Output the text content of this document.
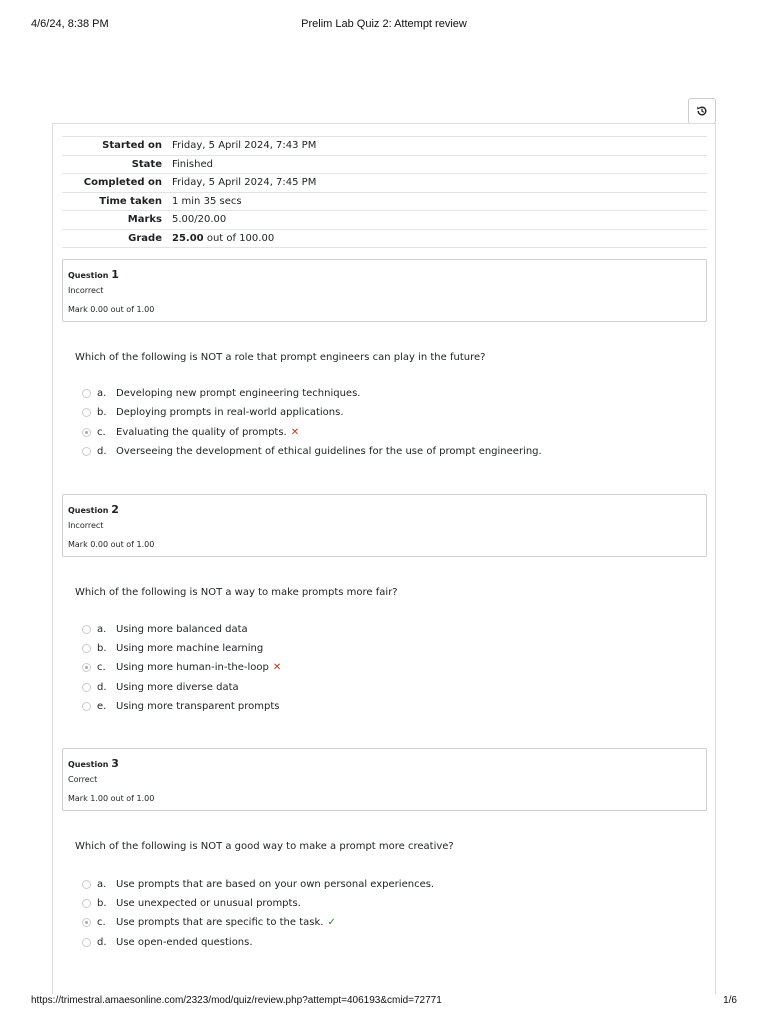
4/6/24, 8:38 PM	Prelim Lab Quiz 2: Attempt review
Started on	Friday, 5 April 2024, 7:43 PM
State	Finished
Completed on	Friday, 5 April 2024, 7:45 PM
Time taken	1 min 35 secs
Marks	5.00/20.00
Grade	25.00 out of 100.00
Question 1
Incorrect
Mark 0.00 out of 1.00
Which of the following is NOT a role that prompt engineers can play in the future?
a. Developing new prompt engineering techniques.
b. Deploying prompts in real-world applications.
c.	Evaluating the quality of prompts. ✕
d. Overseeing the development of ethical guidelines for the use of prompt engineering.
Question 2
Incorrect
Mark 0.00 out of 1.00
Which of the following is NOT a way to make prompts more fair?
a. Using more balanced data
b. Using more machine learning
c.	Using more human-in-the-loop ✕
d. Using more diverse data
e. Using more transparent prompts
Question 3
Correct
Mark 1.00 out of 1.00
Which of the following is NOT a good way to make a prompt more creative?
a. Use prompts that are based on your own personal experiences.
b. Use unexpected or unusual prompts.
c.	Use prompts that are specific to the task. ✓
d. Use open-ended questions.
https://trimestral.amaesonline.com/2323/mod/quiz/review.php?attempt=406193&cmid=72771	1/6
